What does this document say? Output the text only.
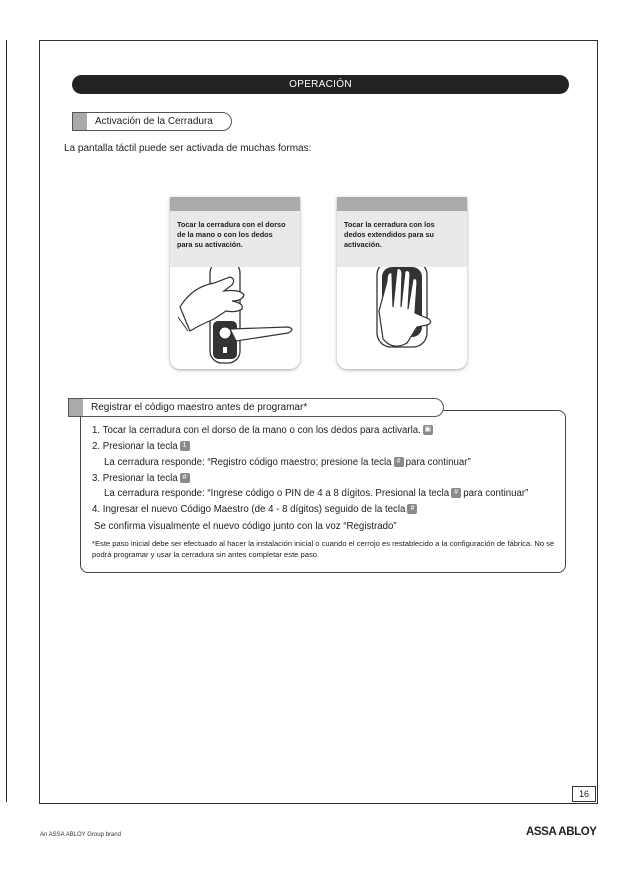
OPERACIÓN
Activación de la Cerradura
La pantalla táctil puede ser activada de muchas formas:
Tocar la cerradura con el dorso
de la mano o con los dedos
para su activación.
Tocar la cerradura con los
dedos extendidos para su
activación.
Registrar el código maestro antes de programar*
1. Tocar la cerradura con el dorso de la mano o con los dedos para activarla. ▣
2. Presionar la tecla 1
La cerradura responde: “Registro código maestro; presione la tecla # para continuar”
3. Presionar la tecla #
La cerradura responde: “Ingrese código o PIN de 4 a 8 dígitos. Presional la tecla # para continuar”
4. Ingresar el nuevo Código Maestro (de 4 - 8 dígitos) seguido de la tecla #
Se confirma visualmente el nuevo código junto con la voz “Registrado”
*Este paso inicial debe ser efectuado al hacer la instalación inicial o cuando el cerrojo es restablecido a la configuración de fábrica. No se podrá programar y usar la cerradura sin antes completar este paso.
16
An ASSA ABLOY Group brand	ASSA ABLOY
